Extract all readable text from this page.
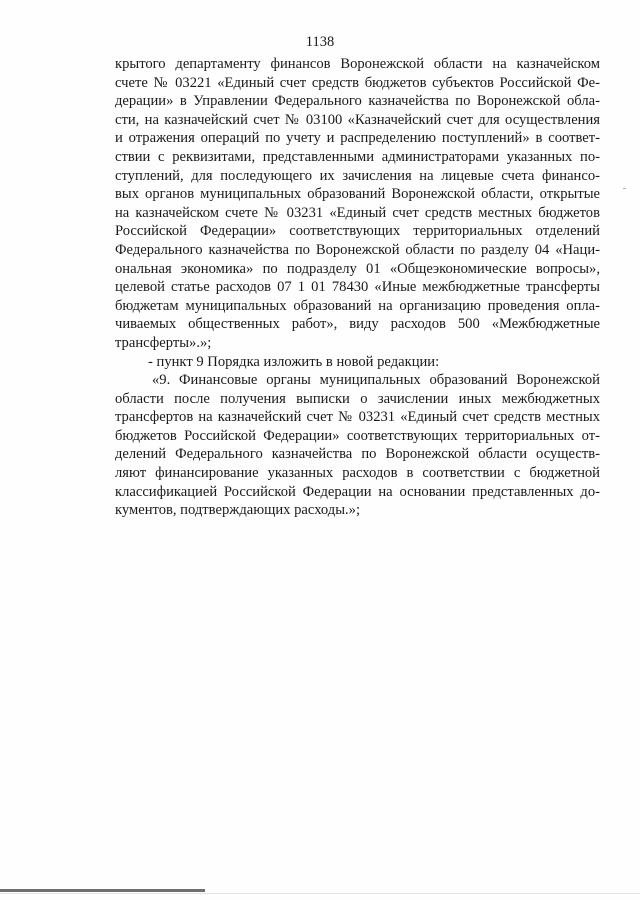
1138
крытого департаменту финансов Воронежской области на казначейском
счете № 03221 «Единый счет средств бюджетов субъектов Российской Фе-
дерации» в Управлении Федерального казначейства по Воронежской обла-
сти, на казначейский счет № 03100 «Казначейский счет для осуществления
и отражения операций по учету и распределению поступлений» в соответ-
ствии с реквизитами, представленными администраторами указанных по-
ступлений, для последующего их зачисления на лицевые счета финансо-
вых органов муниципальных образований Воронежской области, открытые
на казначейском счете № 03231 «Единый счет средств местных бюджетов
Российской Федерации» соответствующих территориальных отделений
Федерального казначейства по Воронежской области по разделу 04 «Наци-
ональная экономика» по подразделу 01 «Общеэкономические вопросы»,
целевой статье расходов 07 1 01 78430 «Иные межбюджетные трансферты
бюджетам муниципальных образований на организацию проведения опла-
чиваемых общественных работ», виду расходов 500 «Межбюджетные
трансферты».»;
- пункт 9 Порядка изложить в новой редакции:
«9. Финансовые органы муниципальных образований Воронежской
области после получения выписки о зачислении иных межбюджетных
трансфертов на казначейский счет № 03231 «Единый счет средств местных
бюджетов Российской Федерации» соответствующих территориальных от-
делений Федерального казначейства по Воронежской области осуществ-
ляют финансирование указанных расходов в соответствии с бюджетной
классификацией Российской Федерации на основании представленных до-
кументов, подтверждающих расходы.»;
